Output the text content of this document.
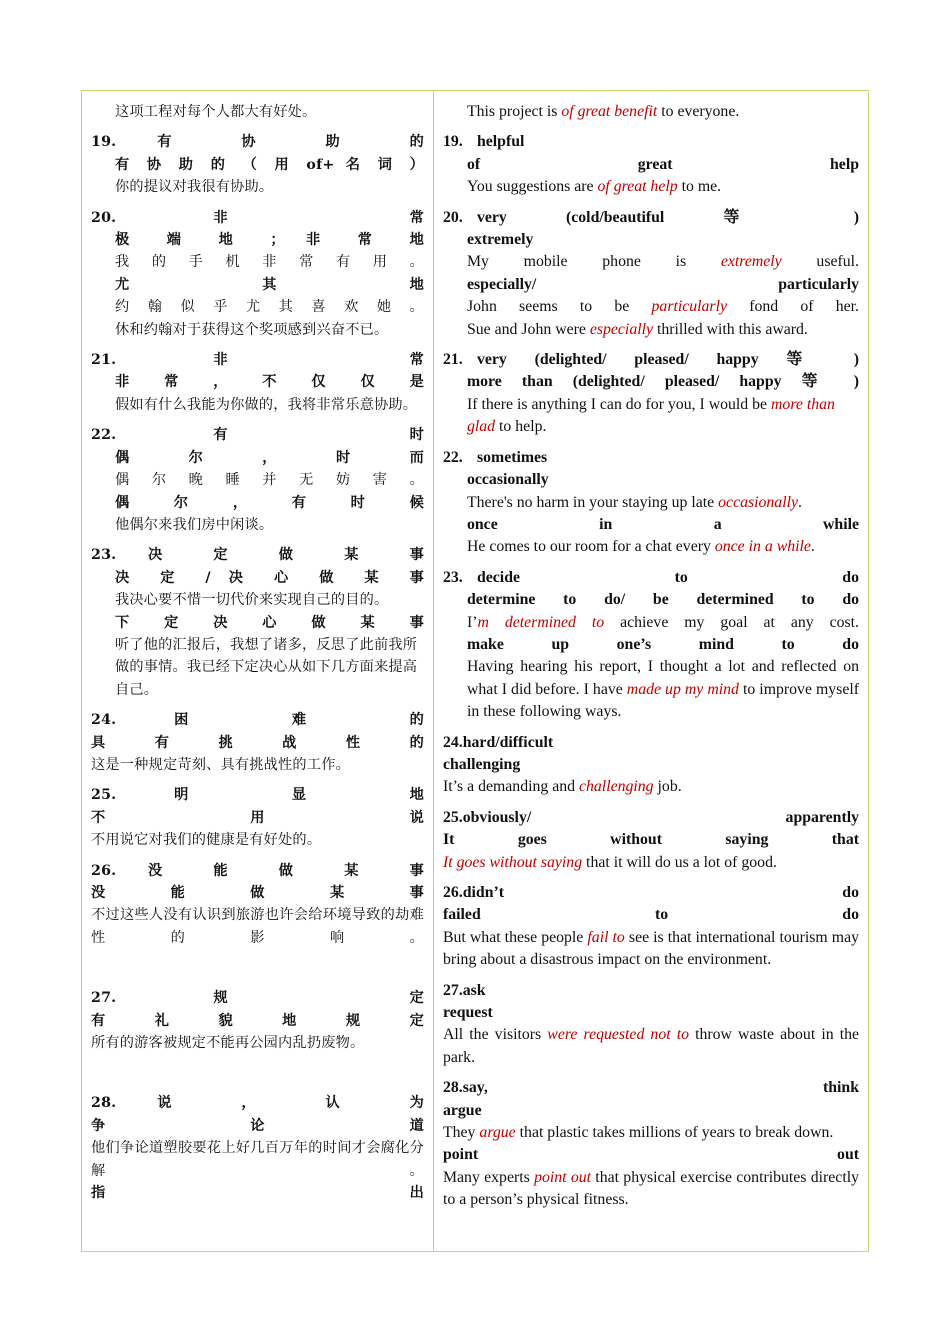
这项工程对每个人都大有好处。
19. 有 协 助 的
有 协 助 的 （ 用 of+ 名 词 ）
你的提议对我很有协助。
20. 非 常
极 端 地 ； 非 常 地
我 的 手 机 非 常 有 用 。
尤 其 地
约 翰 似 乎 尤 其 喜 欢 她 。
休和约翰对于获得这个奖项感到兴奋不已。
21. 非 常
非 常 ， 不 仅 仅 是
假如有什么我能为你做的，我将非常乐意协助。
22. 有 时
偶 尔 ， 时 而
偶 尔 晚 睡 并 无 妨 害 。
偶 尔 ， 有 时 候
他偶尔来我们房中闲谈。
23. 决 定 做 某 事
决 定 / 决 心 做 某 事
我决心要不惜一切代价来实现自己的目的。
下 定 决 心 做 某 事
听了他的汇报后，我想了诸多，反思了此前我所做的事情。我已经下定决心从如下几方面来提高自己。
24. 困 难 的
具 有 挑 战 性 的
这是一种规定苛刻、具有挑战性的工作。
25. 明 显 地
不 用 说
不用说它对我们的健康是有好处的。
26. 没 能 做 某 事
没 能 做 某 事
不过这些人没有认识到旅游也许会给环境导致的劫难性的影响。
27. 规 定
有 礼 貌 地 规 定
所有的游客被规定不能再公园内乱扔废物。
28. 说 ， 认 为
争 论 道
他们争论道塑胶要花上好几百万年的时间才会腐化分解。
指 出
This project is of great benefit to everyone.
19. helpful
of great help
You suggestions are of great help to me.
20. very (cold/beautiful 等 )
extremely
My mobile phone is extremely useful.
especially/ particularly
John seems to be particularly fond of her.
Sue and John were especially thrilled with this award.
21. very (delighted/ pleased/ happy 等 )
more than (delighted/ pleased/ happy 等 )
If there is anything I can do for you, I would be more than glad to help.
22. sometimes
occasionally
There's no harm in your staying up late occasionally.
once in a while
He comes to our room for a chat every once in a while.
23. decide to do
determine to do/ be determined to do
I’m determined to achieve my goal at any cost.
make up one’s mind to do
Having hearing his report, I thought a lot and reflected on what I did before. I have made up my mind to improve myself in these following ways.
24.hard/difficult
challenging
It’s a demanding and challenging job.
25.obviously/ apparently
It goes without saying that
It goes without saying that it will do us a lot of good.
26.didn’t do
failed to do
But what these people fail to see is that international tourism may bring about a disastrous impact on the environment.
27.ask
request
All the visitors were requested not to throw waste about in the park.
28.say, think
argue
They argue that plastic takes millions of years to break down.
point out
Many experts point out that physical exercise contributes directly to a person’s physical fitness.
